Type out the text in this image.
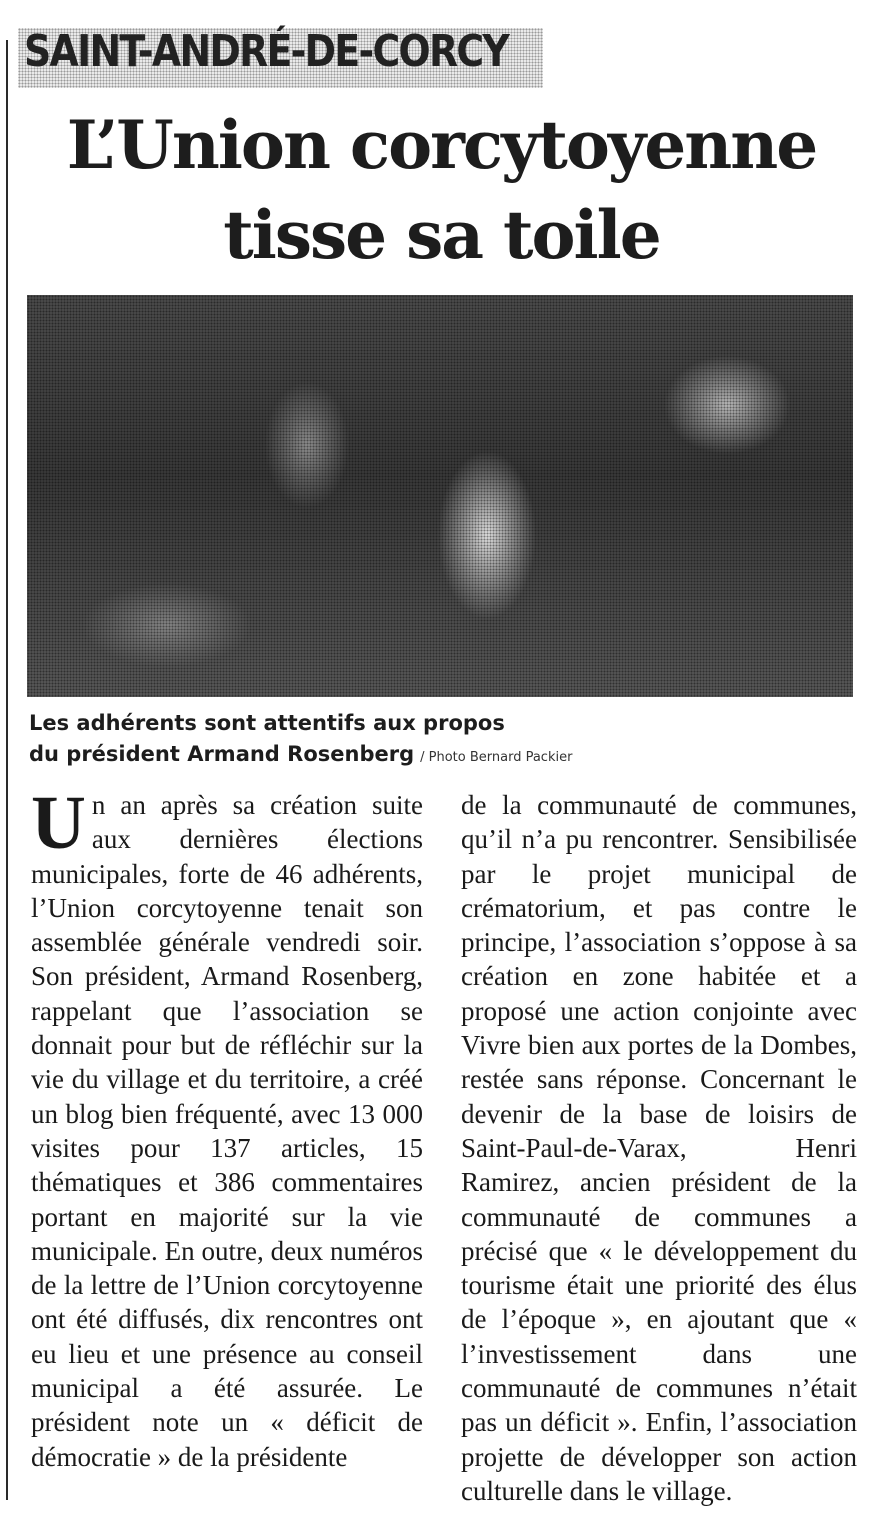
SAINT-ANDRÉ-DE-CORCY
L’Union corcytoyenne tisse sa toile
Les adhérents sont attentifs aux propos
du président Armand Rosenberg / Photo Bernard Packier
Un an après sa création suite aux dernières élections municipales, forte de 46 adhérents, l’Union corcytoyenne tenait son assemblée générale vendredi soir. Son président, Armand Rosenberg, rappelant que l’association se donnait pour but de réfléchir sur la vie du village et du territoire, a créé un blog bien fréquenté, avec 13 000 visites pour 137 articles, 15 thématiques et 386 commentaires portant en majorité sur la vie municipale. En outre, deux numéros de la lettre de l’Union corcytoyenne ont été diffusés, dix rencontres ont eu lieu et une présence au conseil municipal a été assurée. Le président note un « déficit de démocratie » de la présidente
de la communauté de communes, qu’il n’a pu rencontrer. Sensibilisée par le projet municipal de crématorium, et pas contre le principe, l’association s’oppose à sa création en zone habitée et a proposé une action conjointe avec Vivre bien aux portes de la Dombes, restée sans réponse. Concernant le devenir de la base de loisirs de Saint-Paul-de-Varax, Henri Ramirez, ancien président de la communauté de communes a précisé que « le développement du tourisme était une priorité des élus de l’époque », en ajoutant que « l’investissement dans une communauté de communes n’était pas un déficit ». Enfin, l’association projette de développer son action culturelle dans le village.
